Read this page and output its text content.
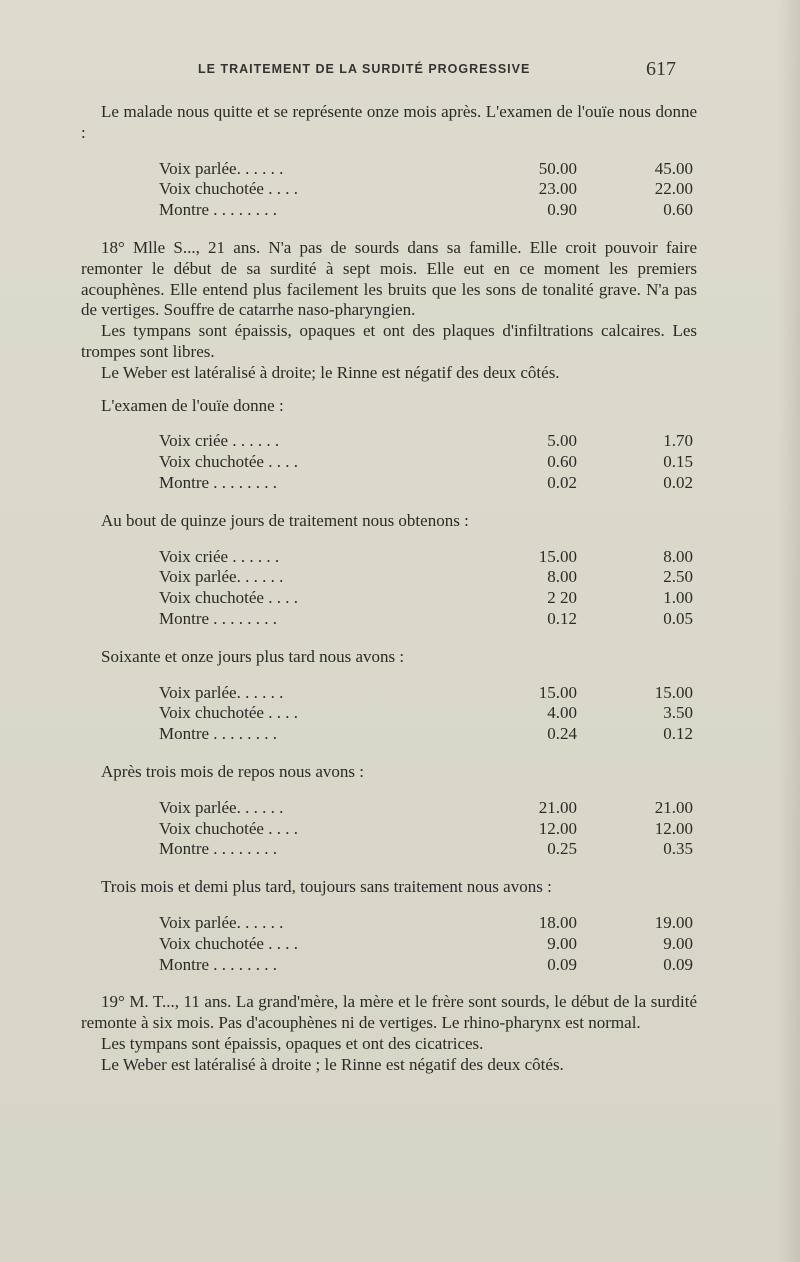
LE TRAITEMENT DE LA SURDITÉ PROGRESSIVE	617

Le malade nous quitte et se représente onze mois après. L'examen de l'ouïe nous donne :

Voix parlée. . . . . .	50.00	45.00
Voix chuchotée . . . .	23.00	22.00
Montre . . . . . . . .	0.90	0.60

18° Mlle S..., 21 ans. N'a pas de sourds dans sa famille. Elle croit pouvoir faire remonter le début de sa surdité à sept mois. Elle eut en ce moment les premiers acouphènes. Elle entend plus facilement les bruits que les sons de tonalité grave. N'a pas de vertiges. Souffre de catarrhe naso-pharyngien.

Les tympans sont épaissis, opaques et ont des plaques d'infiltrations calcaires. Les trompes sont libres.

Le Weber est latéralisé à droite; le Rinne est négatif des deux côtés.

L'examen de l'ouïe donne :

Voix criée . . . . . .	5.00	1.70
Voix chuchotée . . . .	0.60	0.15
Montre . . . . . . . .	0.02	0.02

Au bout de quinze jours de traitement nous obtenons :

Voix criée . . . . . .	15.00	8.00
Voix parlée. . . . . .	8.00	2.50
Voix chuchotée . . . .	2 20	1.00
Montre . . . . . . . .	0.12	0.05

Soixante et onze jours plus tard nous avons :

Voix parlée. . . . . .	15.00	15.00
Voix chuchotée . . . .	4.00	3.50
Montre . . . . . . . .	0.24	0.12

Après trois mois de repos nous avons :

Voix parlée. . . . . .	21.00	21.00
Voix chuchotée . . . .	12.00	12.00
Montre . . . . . . . .	0.25	0.35

Trois mois et demi plus tard, toujours sans traitement nous avons :

Voix parlée. . . . . .	18.00	19.00
Voix chuchotée . . . .	9.00	9.00
Montre . . . . . . . .	0.09	0.09

19° M. T..., 11 ans. La grand'mère, la mère et le frère sont sourds, le début de la surdité remonte à six mois. Pas d'acouphènes ni de vertiges. Le rhino-pharynx est normal.

Les tympans sont épaissis, opaques et ont des cicatrices.

Le Weber est latéralisé à droite ; le Rinne est négatif des deux côtés.
